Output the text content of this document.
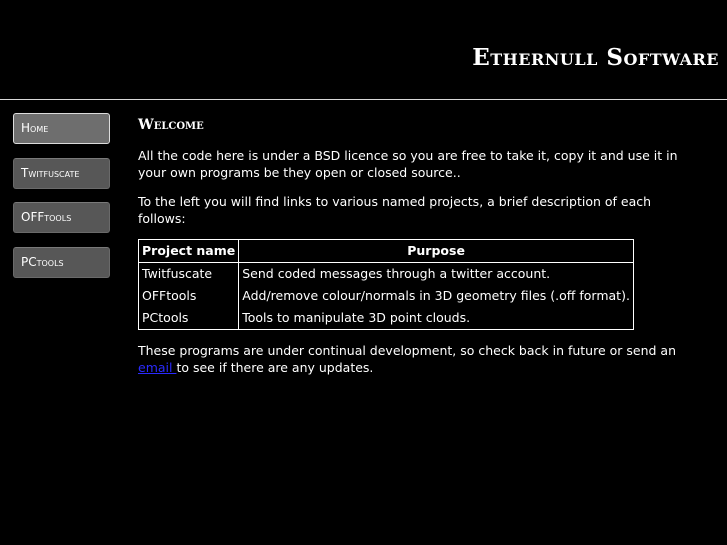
Ethernull Software
Home
Twitfuscate
OFFtools
PCtools
Welcome

All the code here is under a BSD licence so you are free to take it, copy it and use it in your own programs be they open or closed source..

To the left you will find links to various named projects, a brief description of each follows:

Project name	Purpose
Twitfuscate	Send coded messages through a twitter account.
OFFtools	Add/remove colour/normals in 3D geometry files (.off format).
PCtools	Tools to manipulate 3D point clouds.

These programs are under continual development, so check back in future or send an email to see if there are any updates.
